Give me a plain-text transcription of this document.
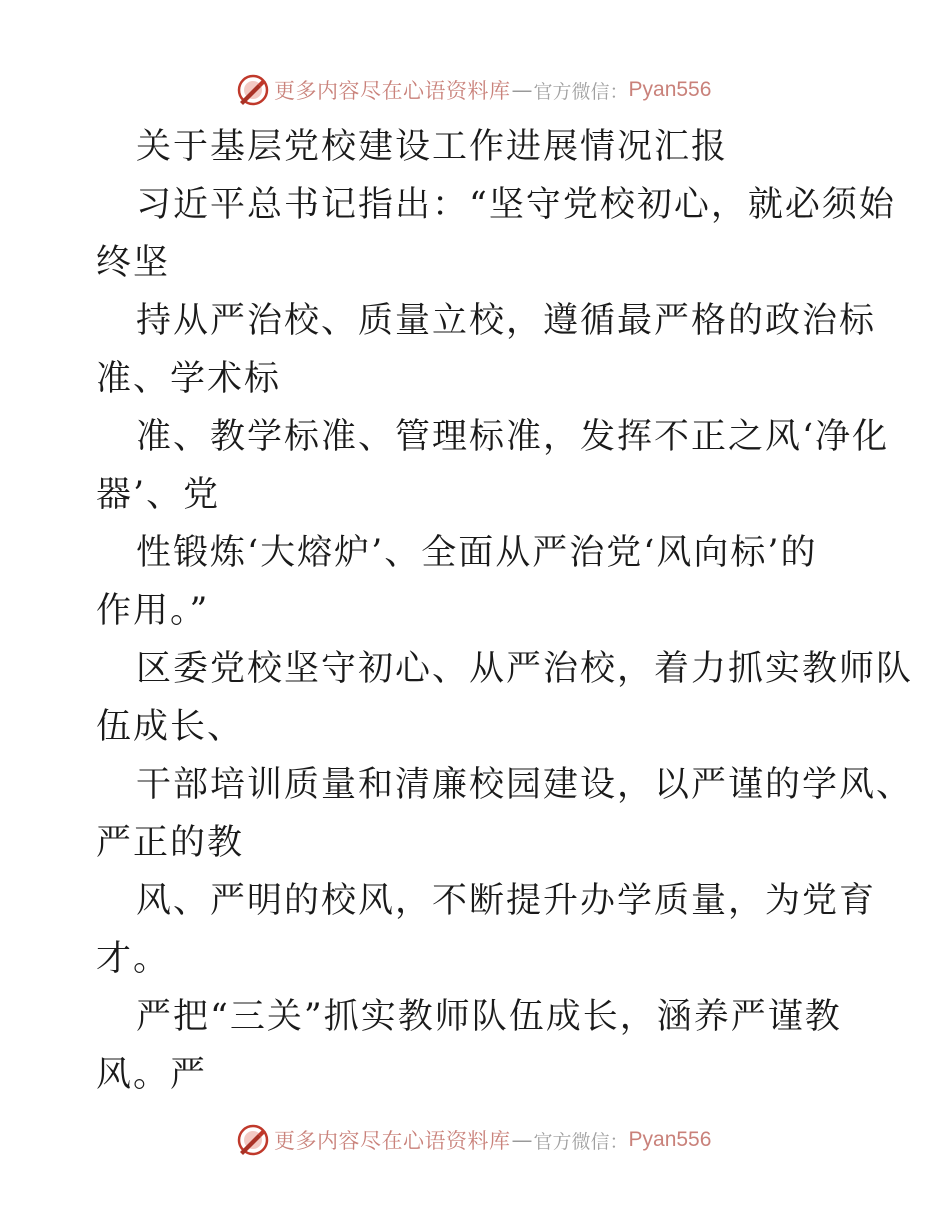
更多内容尽在心语资料库 — 官方微信： Pyan556
关于基层党校建设工作进展情况汇报
习近平总书记指出：“坚守党校初心，就必须始
终坚
持从严治校、质量立校，遵循最严格的政治标
准、学术标
准、教学标准、管理标准，发挥不正之风‘净化
器’、党
性锻炼‘大熔炉’、全面从严治党‘风向标’的
作用。”
区委党校坚守初心、从严治校，着力抓实教师队
伍成长、
干部培训质量和清廉校园建设，以严谨的学风、
严正的教
风、严明的校风，不断提升办学质量，为党育
才。
严把“三关”抓实教师队伍成长，涵养严谨教
风。严
更多内容尽在心语资料库 — 官方微信： Pyan556
